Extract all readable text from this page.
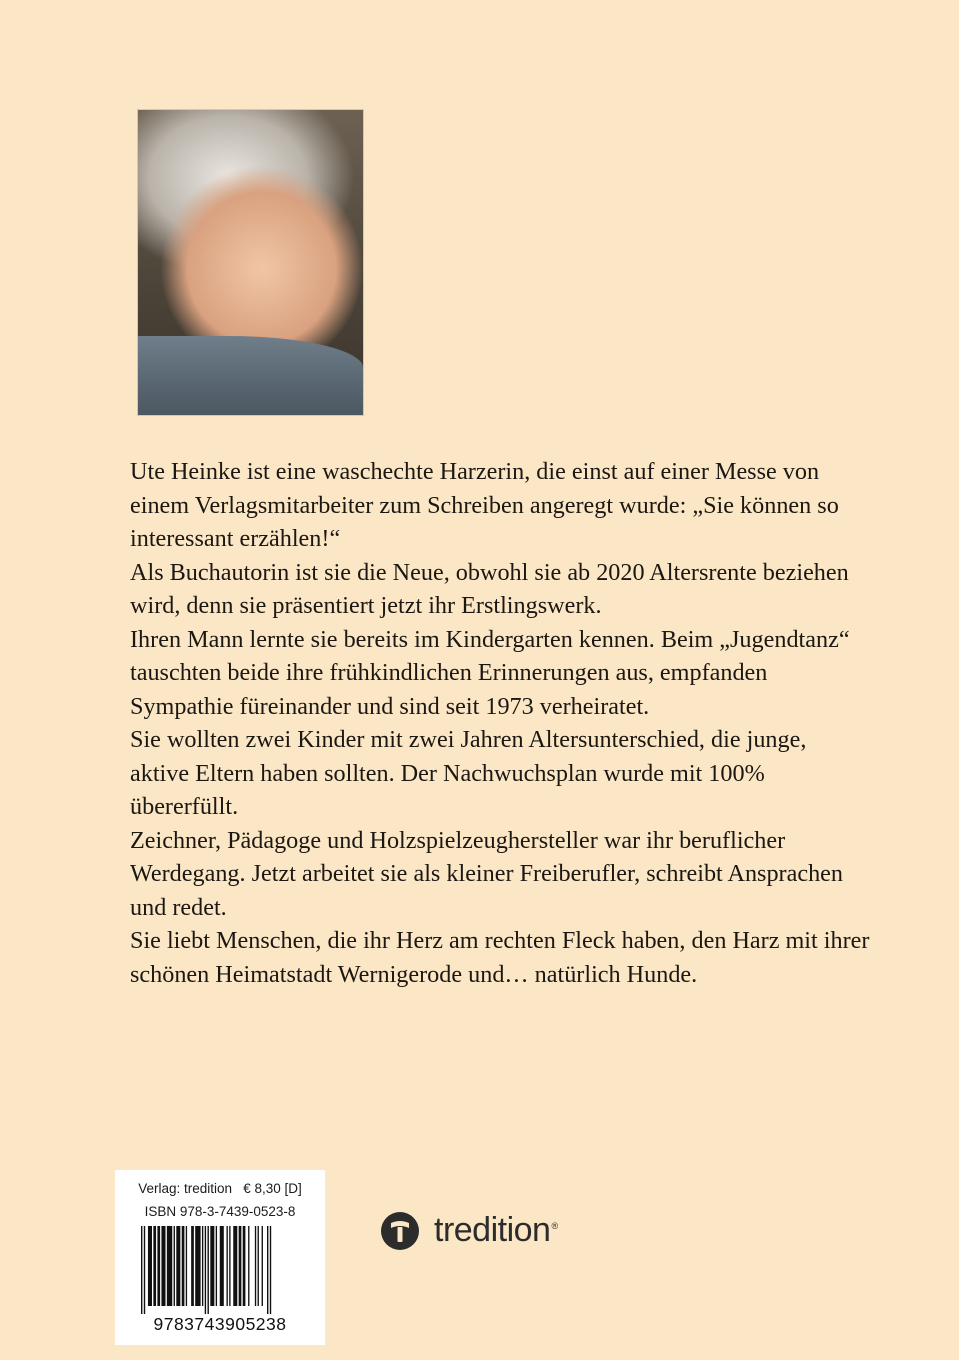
Ute Heinke ist eine waschechte Harzerin, die einst auf einer Messe von einem Verlagsmitarbeiter zum Schreiben angeregt wurde: „Sie können so interessant erzählen!“

Als Buchautorin ist sie die Neue, obwohl sie ab 2020 Altersrente beziehen wird, denn sie präsentiert jetzt ihr Erstlingswerk.

Ihren Mann lernte sie bereits im Kindergarten kennen. Beim „Jugendtanz“ tauschten beide ihre frühkindlichen Erinnerungen aus, empfanden Sympathie füreinander und sind seit 1973 verheiratet.

Sie wollten zwei Kinder mit zwei Jahren Altersunterschied, die junge, aktive Eltern haben sollten. Der Nachwuchsplan wurde mit 100% übererfüllt.

Zeichner, Pädagoge und Holzspielzeughersteller war ihr beruflicher Werdegang. Jetzt arbeitet sie als kleiner Freiberufler, schreibt Ansprachen und redet.

Sie liebt Menschen, die ihr Herz am rechten Fleck haben, den Harz mit ihrer schönen Heimatstadt Wernigerode und… natürlich Hunde.

Verlag: tredition   € 8,30 [D]
ISBN 978-3-7439-0523-8
9783743905238
tredition®
